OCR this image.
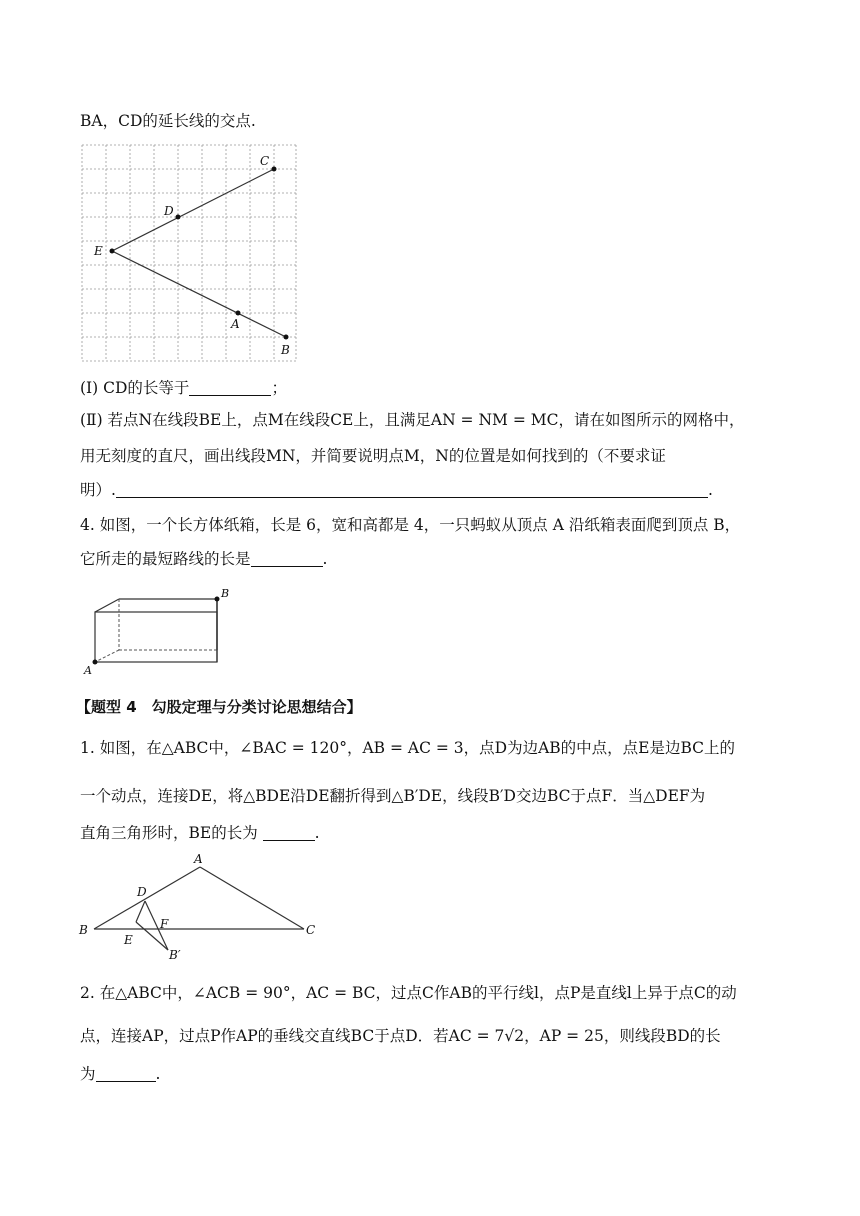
BA，CD的延长线的交点.
C
D
E
A
B
(Ⅰ) CD的长等于	；
(Ⅱ) 若点N在线段BE上，点M在线段CE上，且满足AN = NM = MC，请在如图所示的网格中，
用无刻度的直尺，画出线段MN，并简要说明点M，N的位置是如何找到的（不要求证
明）.	.
4. 如图，一个长方体纸箱，长是 6，宽和高都是 4，一只蚂蚁从顶点 A 沿纸箱表面爬到顶点 B，
它所走的最短路线的长是	.
B
A
【题型 4　勾股定理与分类讨论思想结合】
1. 如图，在△ABC中，∠BAC = 120°，AB = AC = 3，点D为边AB的中点，点E是边BC上的
一个动点，连接DE，将△BDE沿DE翻折得到△B′DE，线段B′D交边BC于点F．当△DEF为
直角三角形时，BE的长为	.
A
B	C
D
E
F
B′
2. 在△ABC中，∠ACB = 90°，AC = BC，过点C作AB的平行线l，点P是直线l上异于点C的动
点，连接AP，过点P作AP的垂线交直线BC于点D．若AC = 7√2，AP = 25，则线段BD的长
为	.
